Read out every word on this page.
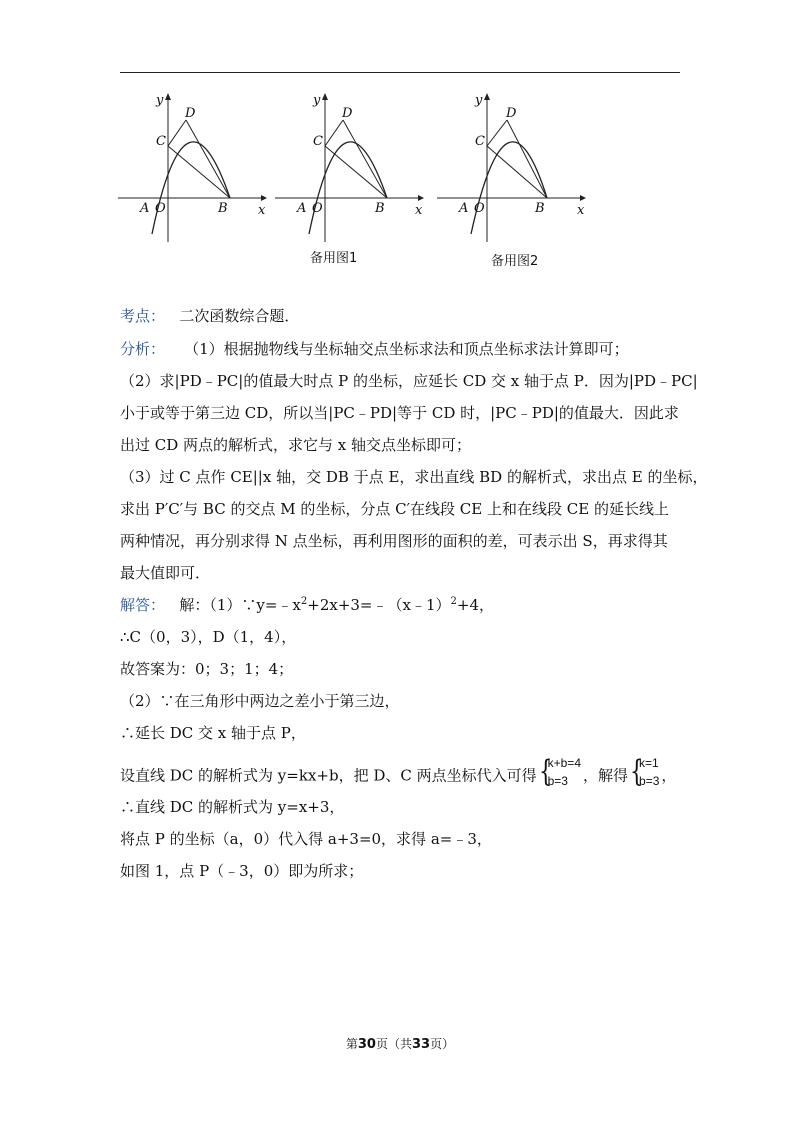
y
x
D
C
A O	B
y
x
D
C
A O	B
备用图1
y
x
D
C
A O	B
备用图2
考点： 二次函数综合题．
分析： （1）根据抛物线与坐标轴交点坐标求法和顶点坐标求法计算即可；
（2）求|PD﹣PC|的值最大时点 P 的坐标，应延长 CD 交 x 轴于点 P．因为|PD﹣PC|
小于或等于第三边 CD，所以当|PC﹣PD|等于 CD 时，|PC﹣PD|的值最大．因此求
出过 CD 两点的解析式，求它与 x 轴交点坐标即可；
（3）过 C 点作 CE||x 轴，交 DB 于点 E，求出直线 BD 的解析式，求出点 E 的坐标，
求出 P′C′与 BC 的交点 M 的坐标，分点 C′在线段 CE 上和在线段 CE 的延长线上
两种情况，再分别求得 N 点坐标，再利用图形的面积的差，可表示出 S，再求得其
最大值即可．
解答： 解：$(1)\because y=﹣x^2+2x+3=﹣(x﹣1)^2+4$，
∴C（0，3），D（1，4），
故答案为：0；3；1；4；
（2）∵在三角形中两边之差小于第三边，
∴延长 DC 交 x 轴于点 P，
设直线 DC 的解析式为 y=kx+b，把 D、C 两点坐标代入可得 {
k+b=4
b=3 ，解得 {
k=1
b=3 ，
∴直线 DC 的解析式为 y=x+3，
将点 P 的坐标（a，0）代入得 a+3=0，求得 a=﹣3，
如图 1，点 P（﹣3，0）即为所求；
第30页（共33页）
